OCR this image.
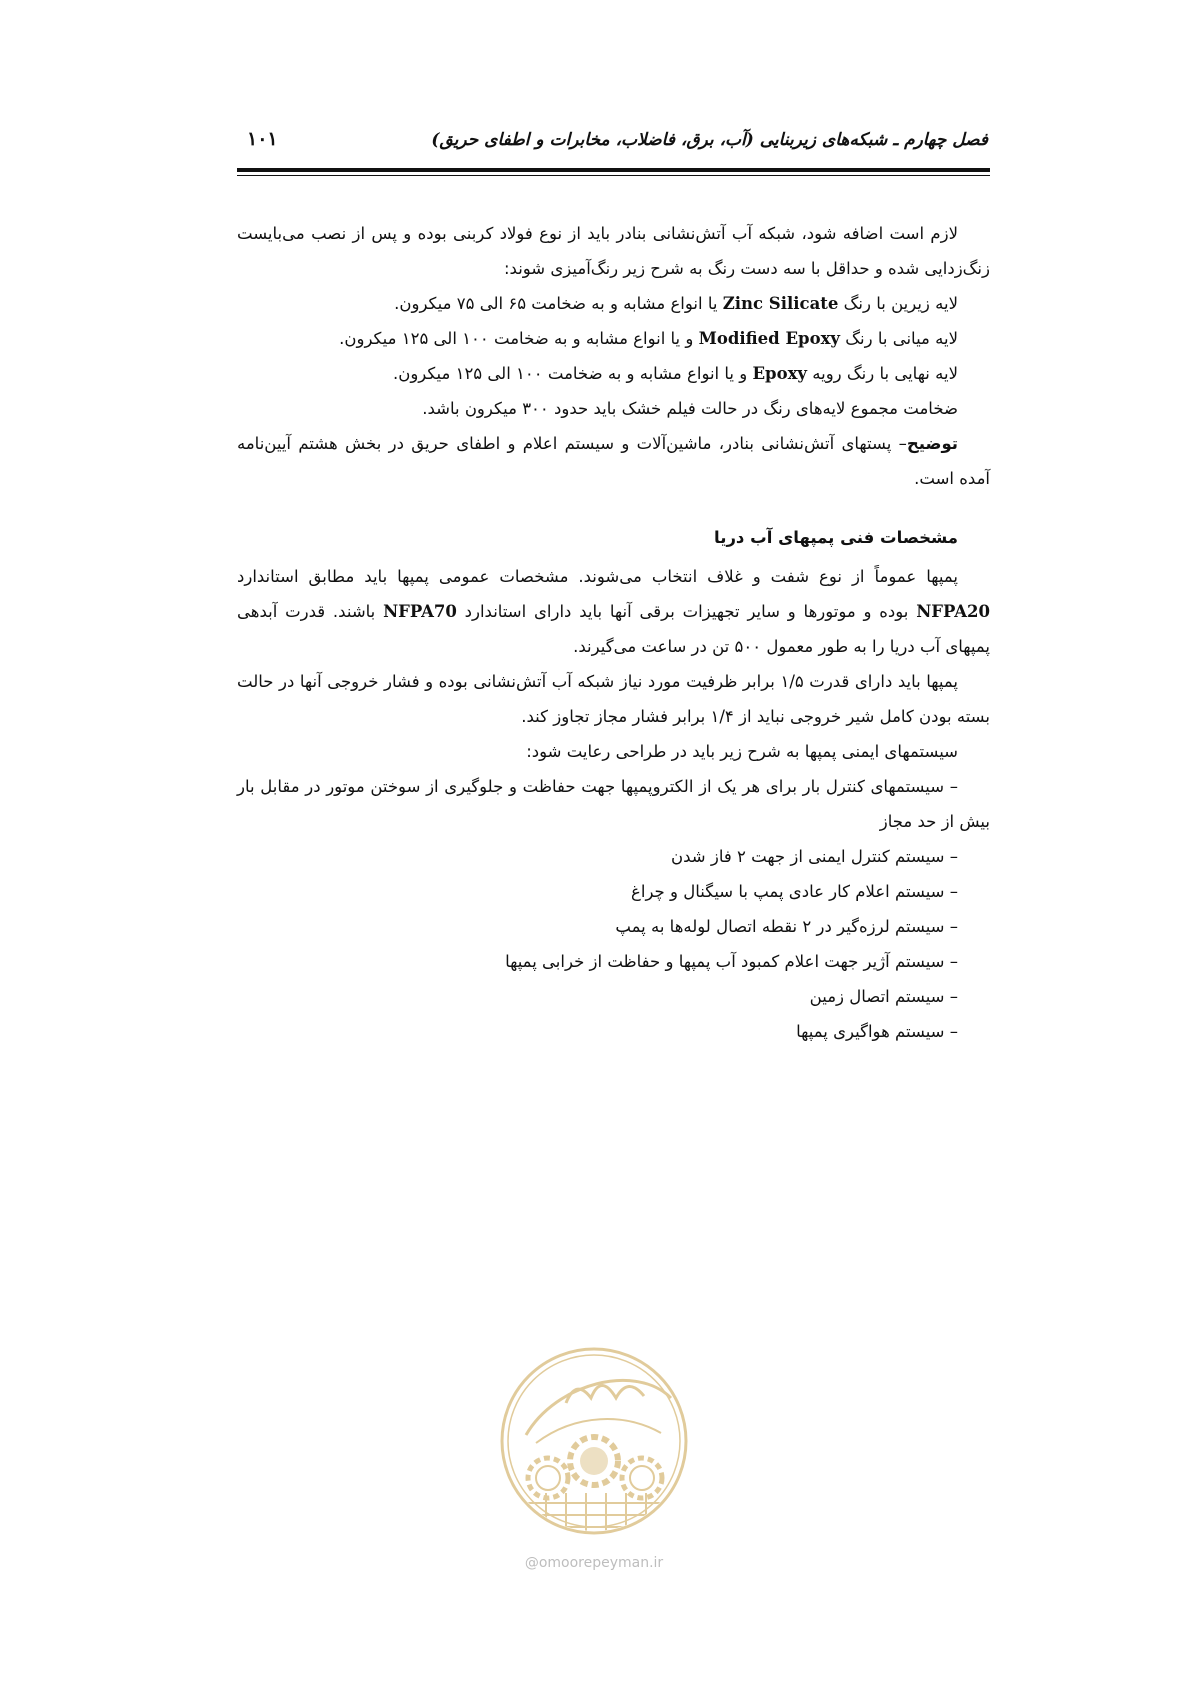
فصل چهارم ـ شبکه‌های زیربنایی (آب، برق، فاضلاب، مخابرات و اطفای حریق)
۱۰۱

لازم است اضافه شود، شبکه آب آتش‌نشانی بنادر باید از نوع فولاد کربنی بوده و پس از نصب می‌بایست زنگ‌زدایی شده و حداقل با سه دست رنگ به شرح زیر رنگ‌آمیزی شوند:

لایه زیرین با رنگ Zinc Silicate یا انواع مشابه و به ضخامت ۶۵ الی ۷۵ میکرون.

لایه میانی با رنگ Modified Epoxy و یا انواع مشابه و به ضخامت ۱۰۰ الی ۱۲۵ میکرون.

لایه نهایی با رنگ رویه Epoxy و یا انواع مشابه و به ضخامت ۱۰۰ الی ۱۲۵ میکرون.

ضخامت مجموع لایه‌های رنگ در حالت فیلم خشک باید حدود ۳۰۰ میکرون باشد.

توضیح– پستهای آتش‌نشانی بنادر، ماشین‌آلات و سیستم اعلام و اطفای حریق در بخش هشتم آیین‌نامه آمده است.

مشخصات فنی پمپهای آب دریا

پمپها عموماً از نوع شفت و غلاف انتخاب می‌شوند. مشخصات عمومی پمپها باید مطابق استاندارد NFPA20 بوده و موتورها و سایر تجهیزات برقی آنها باید دارای استاندارد NFPA70 باشند. قدرت آبدهی پمپهای آب دریا را به طور معمول ۵۰۰ تن در ساعت می‌گیرند.

پمپها باید دارای قدرت ۱/۵ برابر ظرفیت مورد نیاز شبکه آب آتش‌نشانی بوده و فشار خروجی آنها در حالت بسته بودن کامل شیر خروجی نباید از ۱/۴ برابر فشار مجاز تجاوز کند.

سیستمهای ایمنی پمپها به شرح زیر باید در طراحی رعایت شود:

– سیستمهای کنترل بار برای هر یک از الکتروپمپها جهت حفاظت و جلوگیری از سوختن موتور در مقابل بار بیش از حد مجاز

– سیستم کنترل ایمنی از جهت ۲ فاز شدن

– سیستم اعلام کار عادی پمپ با سیگنال و چراغ

– سیستم لرزه‌گیر در ۲ نقطه اتصال لوله‌ها به پمپ

– سیستم آژیر جهت اعلام کمبود آب پمپها و حفاظت از خرابی پمپها

– سیستم اتصال زمین

– سیستم هواگیری پمپها

@omoorepeyman.ir
